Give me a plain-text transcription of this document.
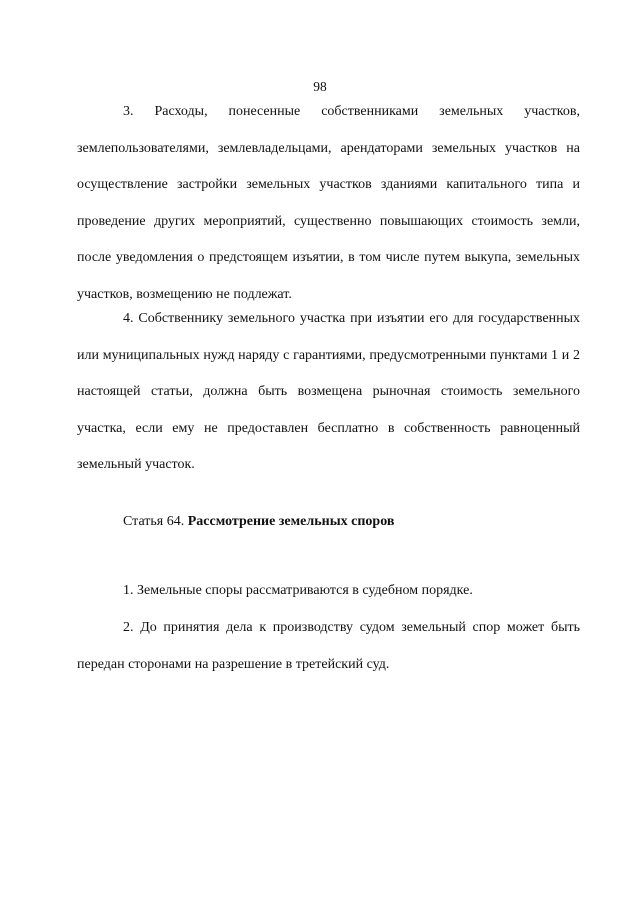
98

3. Расходы, понесенные собственниками земельных участков, землепользователями, землевладельцами, арендаторами земельных участков на осуществление застройки земельных участков зданиями капитального типа и проведение других мероприятий, существенно повышающих стоимость земли, после уведомления о предстоящем изъятии, в том числе путем выкупа, земельных участков, возмещению не подлежат.

4. Собственнику земельного участка при изъятии его для государственных или муниципальных нужд наряду с гарантиями, предусмотренными пунктами 1 и 2 настоящей статьи, должна быть возмещена рыночная стоимость земельного участка, если ему не предоставлен бесплатно в собственность равноценный земельный участок.

Статья 64. Рассмотрение земельных споров

1. Земельные споры рассматриваются в судебном порядке.

2. До принятия дела к производству судом земельный спор может быть передан сторонами на разрешение в третейский суд.
